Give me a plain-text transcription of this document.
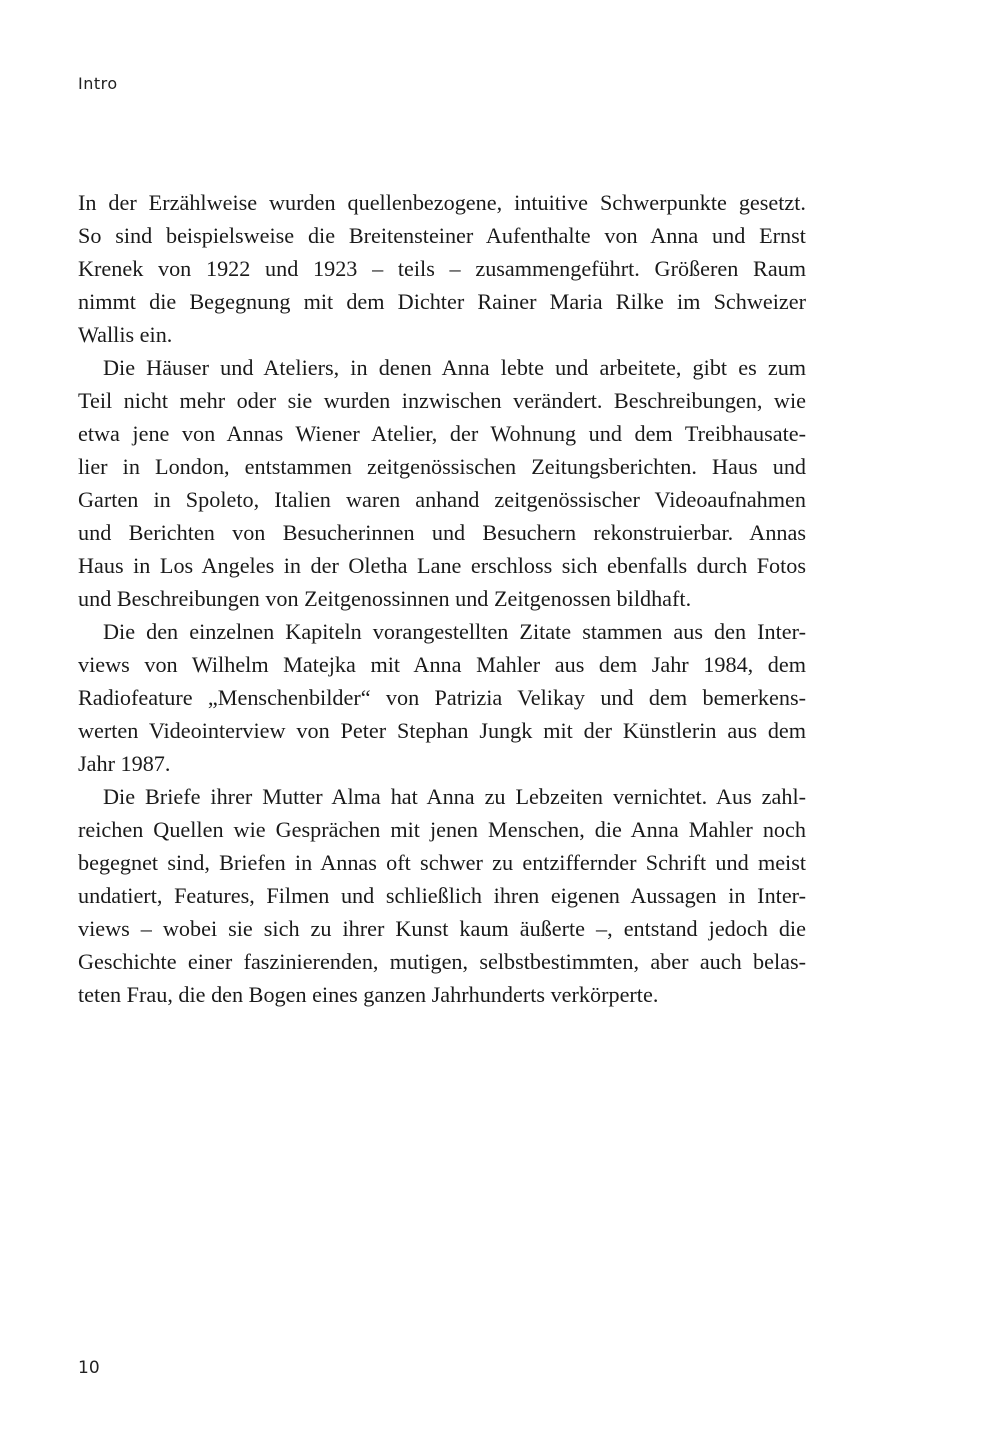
Intro
In der Erzählweise wurden quellenbezogene, intuitive Schwerpunkte gesetzt.
So sind beispielsweise die Breitensteiner Aufenthalte von Anna und Ernst
Krenek von 1922 und 1923 – teils – zusammengeführt. Größeren Raum
nimmt die Begegnung mit dem Dichter Rainer Maria Rilke im Schweizer
Wallis ein.
Die Häuser und Ateliers, in denen Anna lebte und arbeitete, gibt es zum
Teil nicht mehr oder sie wurden inzwischen verändert. Beschreibungen, wie
etwa jene von Annas Wiener Atelier, der Wohnung und dem Treibhausate-
lier in London, entstammen zeitgenössischen Zeitungsberichten. Haus und
Garten in Spoleto, Italien waren anhand zeitgenössischer Videoaufnahmen
und Berichten von Besucherinnen und Besuchern rekonstruierbar. Annas
Haus in Los Angeles in der Oletha Lane erschloss sich ebenfalls durch Fotos
und Beschreibungen von Zeitgenossinnen und Zeitgenossen bildhaft.
Die den einzelnen Kapiteln vorangestellten Zitate stammen aus den Inter-
views von Wilhelm Matejka mit Anna Mahler aus dem Jahr 1984, dem
Radiofeature „Menschenbilder“ von Patrizia Velikay und dem bemerkens-
werten Videointerview von Peter Stephan Jungk mit der Künstlerin aus dem
Jahr 1987.
Die Briefe ihrer Mutter Alma hat Anna zu Lebzeiten vernichtet. Aus zahl-
reichen Quellen wie Gesprächen mit jenen Menschen, die Anna Mahler noch
begegnet sind, Briefen in Annas oft schwer zu entziffernder Schrift und meist
undatiert, Features, Filmen und schließlich ihren eigenen Aussagen in Inter-
views – wobei sie sich zu ihrer Kunst kaum äußerte –, entstand jedoch die
Geschichte einer faszinierenden, mutigen, selbstbestimmten, aber auch belas-
teten Frau, die den Bogen eines ganzen Jahrhunderts verkörperte.
10
